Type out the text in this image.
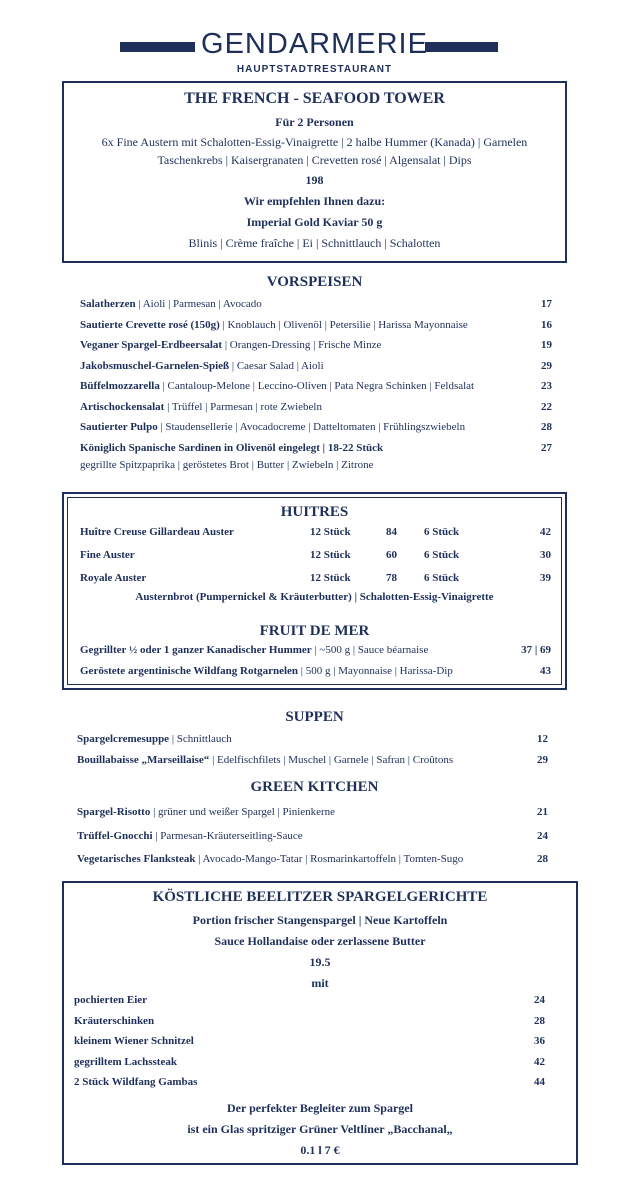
GENDARMERIE
HAUPTSTADTRESTAURANT
THE FRENCH - SEAFOOD TOWER
Für 2 Personen
6x Fine Austern mit Schalotten-Essig-Vinaigrette | 2 halbe Hummer (Kanada) | Garnelen
Taschenkrebs | Kaisergranaten | Crevetten rosé | Algensalat | Dips
198
Wir empfehlen Ihnen dazu:
Imperial Gold Kaviar 50 g
Blinis | Crème fraîche | Ei | Schnittlauch | Schalotten
VORSPEISEN
Salatherzen | Aioli | Parmesan | Avocado	17
Sautierte Crevette rosé (150g) | Knoblauch | Olivenöl | Petersilie | Harissa Mayonnaise	16
Veganer Spargel-Erdbeersalat | Orangen-Dressing | Frische Minze	19
Jakobsmuschel-Garnelen-Spieß | Caesar Salad | Aioli	29
Büffelmozzarella | Cantaloup-Melone | Leccino-Oliven | Pata Negra Schinken | Feldsalat	23
Artischockensalat | Trüffel | Parmesan | rote Zwiebeln	22
Sautierter Pulpo | Staudensellerie | Avocadocreme | Datteltomaten | Frühlingszwiebeln	28
Königlich Spanische Sardinen in Olivenöl eingelegt | 18-22 Stück	27
gegrillte Spitzpaprika | geröstetes Brot | Butter | Zwiebeln | Zitrone
HUITRES
Austernbrot (Pumpernickel & Kräuterbutter) | Schalotten-Essig-Vinaigrette
FRUIT DE MER
Huître Creuse Gillardeau Auster	12 Stück	84 6 Stück	42
Fine Auster	12 Stück	60 6 Stück	30
Royale Auster	12 Stück	78 6 Stück	39
Gegrillter ½ oder 1 ganzer Kanadischer Hummer | ~500 g | Sauce béarnaise	37 | 69
Geröstete argentinische Wildfang Rotgarnelen | 500 g | Mayonnaise | Harissa-Dip	43
SUPPEN
Spargelcremesuppe | Schnittlauch	12
Bouillabaisse „Marseillaise“ | Edelfischfilets | Muschel | Garnele | Safran | Croûtons	29
GREEN KITCHEN
Spargel-Risotto | grüner und weißer Spargel | Pinienkerne	21
Trüffel-Gnocchi | Parmesan-Kräuterseitling-Sauce	24
Vegetarisches Flanksteak | Avocado-Mango-Tatar | Rosmarinkartoffeln | Tomten-Sugo	28
KÖSTLICHE BEELITZER SPARGELGERICHTE
Portion frischer Stangenspargel | Neue Kartoffeln
Sauce Hollandaise oder zerlassene Butter
19.5
mit
Der perfekter Begleiter zum Spargel
ist ein Glas spritziger Grüner Veltliner „Bacchanal„
0.1 l 7 €
pochierten Eier	24
Kräuterschinken	28
kleinem Wiener Schnitzel	36
gegrilltem Lachssteak	42
2 Stück Wildfang Gambas	44
